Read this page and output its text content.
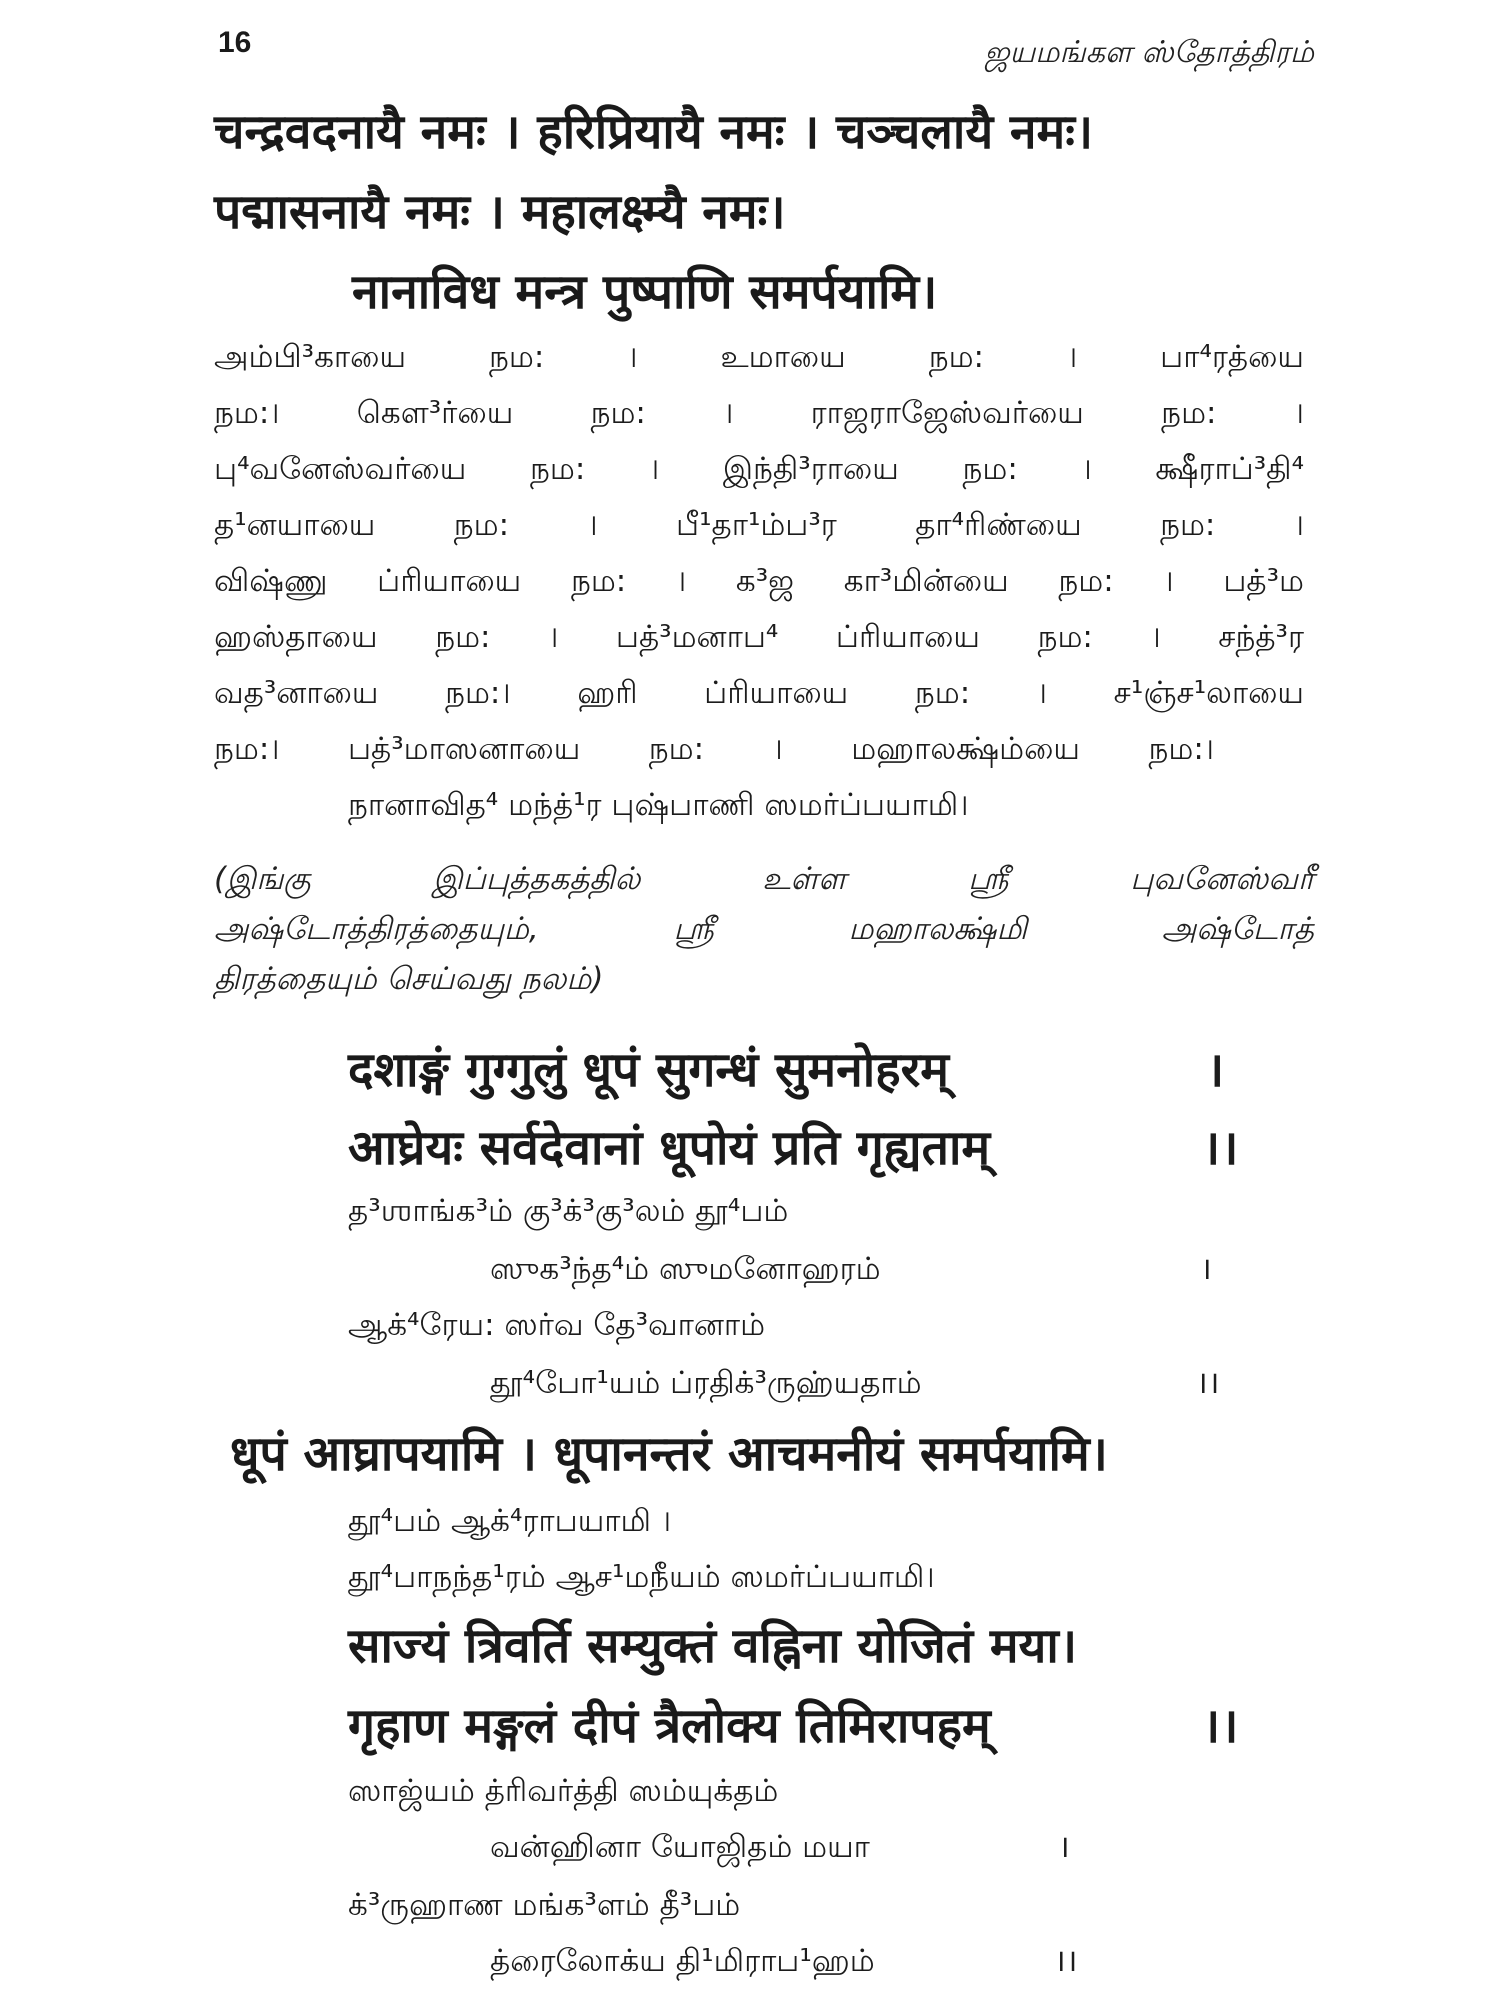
16	ஜயமங்கள ஸ்தோத்திரம்
चन्द्रवदनायै नमः । हरिप्रियायै नमः । चञ्चलायै नमः।
पद्मासनायै नमः । महालक्ष्म्यै नमः।
नानाविध मन्त्र पुष्पाणि समर्पयामि।
அம்பி³காயை நம: । உமாயை நம: । பா⁴ரத்யை
நம:। கௌ³ர்யை நம: । ராஜராஜேஸ்வர்யை நம: ।
பு⁴வனேஸ்வர்யை நம: । இந்தி³ராயை நம: । க்ஷீராப்³தி⁴
த¹னயாயை நம: । பீ¹தா¹ம்ப³ர தா⁴ரிண்யை நம: ।
விஷ்ணு ப்ரியாயை நம: । க³ஜ கா³மின்யை நம: । பத்³ம
ஹஸ்தாயை நம: । பத்³மனாப⁴ ப்ரியாயை நம: । சந்த்³ர
வத³னாயை நம:। ஹரி ப்ரியாயை நம: । ச¹ஞ்ச¹லாயை
நம:। பத்³மாஸனாயை நம: । மஹாலக்ஷ்ம்யை நம:।
நானாவித⁴ மந்த்¹ர புஷ்பாணி ஸமர்ப்பயாமி।
(இங்கு இப்புத்தகத்தில் உள்ள ஸ்ரீ புவனேஸ்வரீ
அஷ்டோத்திரத்தையும், ஸ்ரீ மஹாலக்ஷ்மி அஷ்டோத்
திரத்தையும் செய்வது நலம்)
दशाङ्गं गुग्गुलुं धूपं सुगन्धं सुमनोहरम्	।
आघ्रेयः सर्वदेवानां धूपोयं प्रति गृह्यताम्	।।
த³ஶாங்க³ம் கு³க்³கு³லம் தூ⁴பம்
ஸுக³ந்த⁴ம் ஸுமனோஹரம்	।
ஆக்⁴ரேய: ஸர்வ தே³வானாம்
தூ⁴போ¹யம் ப்ரதிக்³ருஹ்யதாம்	।।
धूपं आघ्रापयामि । धूपानन्तरं आचमनीयं समर्पयामि।
தூ⁴பம் ஆக்⁴ராபயாமி ।
தூ⁴பாநந்த¹ரம் ஆச¹மநீயம் ஸமர்ப்பயாமி।
साज्यं त्रिवर्ति सम्युक्तं वह्निना योजितं मया।
गृहाण मङ्गलं दीपं त्रैलोक्य तिमिरापहम्	।।
ஸாஜ்யம் த்ரிவர்த்தி ஸம்யுக்தம்
வன்ஹினா யோஜிதம் மயா	।
க்³ருஹாண மங்க³ளம் தீ³பம்
த்ரைலோக்ய தி¹மிராப¹ஹம்	।।
